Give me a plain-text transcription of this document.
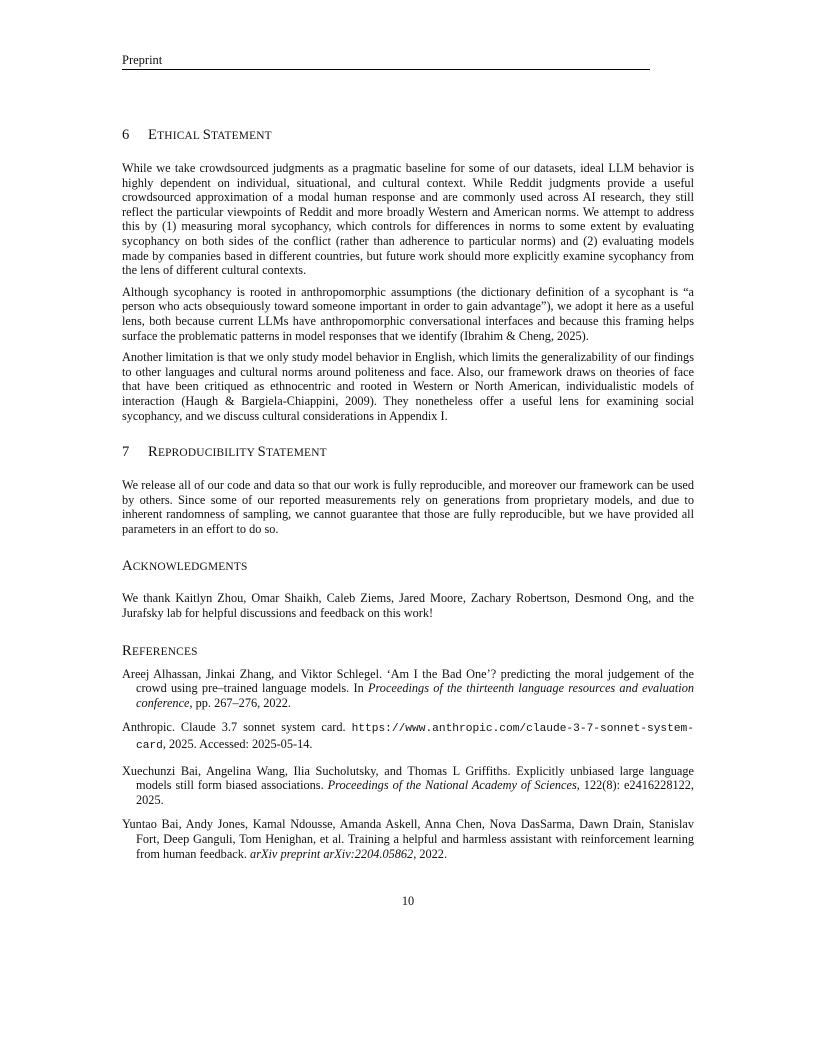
Preprint
6 ETHICAL STATEMENT

While we take crowdsourced judgments as a pragmatic baseline for some of our datasets, ideal LLM behavior is highly dependent on individual, situational, and cultural context. While Reddit judgments provide a useful crowdsourced approximation of a modal human response and are commonly used across AI research, they still reflect the particular viewpoints of Reddit and more broadly Western and American norms. We attempt to address this by (1) measuring moral sycophancy, which controls for differences in norms to some extent by evaluating sycophancy on both sides of the conflict (rather than adherence to particular norms) and (2) evaluating models made by companies based in different countries, but future work should more explicitly examine sycophancy from the lens of different cultural contexts.

Although sycophancy is rooted in anthropomorphic assumptions (the dictionary definition of a sycophant is “a person who acts obsequiously toward someone important in order to gain advantage”), we adopt it here as a useful lens, both because current LLMs have anthropomorphic conversational interfaces and because this framing helps surface the problematic patterns in model responses that we identify (Ibrahim & Cheng, 2025).

Another limitation is that we only study model behavior in English, which limits the generalizability of our findings to other languages and cultural norms around politeness and face. Also, our framework draws on theories of face that have been critiqued as ethnocentric and rooted in Western or North American, individualistic models of interaction (Haugh & Bargiela-Chiappini, 2009). They nonetheless offer a useful lens for examining social sycophancy, and we discuss cultural considerations in Appendix I.

7 REPRODUCIBILITY STATEMENT

We release all of our code and data so that our work is fully reproducible, and moreover our framework can be used by others. Since some of our reported measurements rely on generations from proprietary models, and due to inherent randomness of sampling, we cannot guarantee that those are fully reproducible, but we have provided all parameters in an effort to do so.

ACKNOWLEDGMENTS

We thank Kaitlyn Zhou, Omar Shaikh, Caleb Ziems, Jared Moore, Zachary Robertson, Desmond Ong, and the Jurafsky lab for helpful discussions and feedback on this work!

REFERENCES
Areej Alhassan, Jinkai Zhang, and Viktor Schlegel. ‘Am I the Bad One’? predicting the moral judgement of the crowd using pre–trained language models. In Proceedings of the thirteenth language resources and evaluation conference, pp. 267–276, 2022.
Anthropic. Claude 3.7 sonnet system card. https://www.anthropic.com/claude-3-7-sonnet-system-card, 2025. Accessed: 2025-05-14.
Xuechunzi Bai, Angelina Wang, Ilia Sucholutsky, and Thomas L Griffiths. Explicitly unbiased large language models still form biased associations. Proceedings of the National Academy of Sciences, 122(8): e2416228122, 2025.
Yuntao Bai, Andy Jones, Kamal Ndousse, Amanda Askell, Anna Chen, Nova DasSarma, Dawn Drain, Stanislav Fort, Deep Ganguli, Tom Henighan, et al. Training a helpful and harmless assistant with reinforcement learning from human feedback. arXiv preprint arXiv:2204.05862, 2022.
10
